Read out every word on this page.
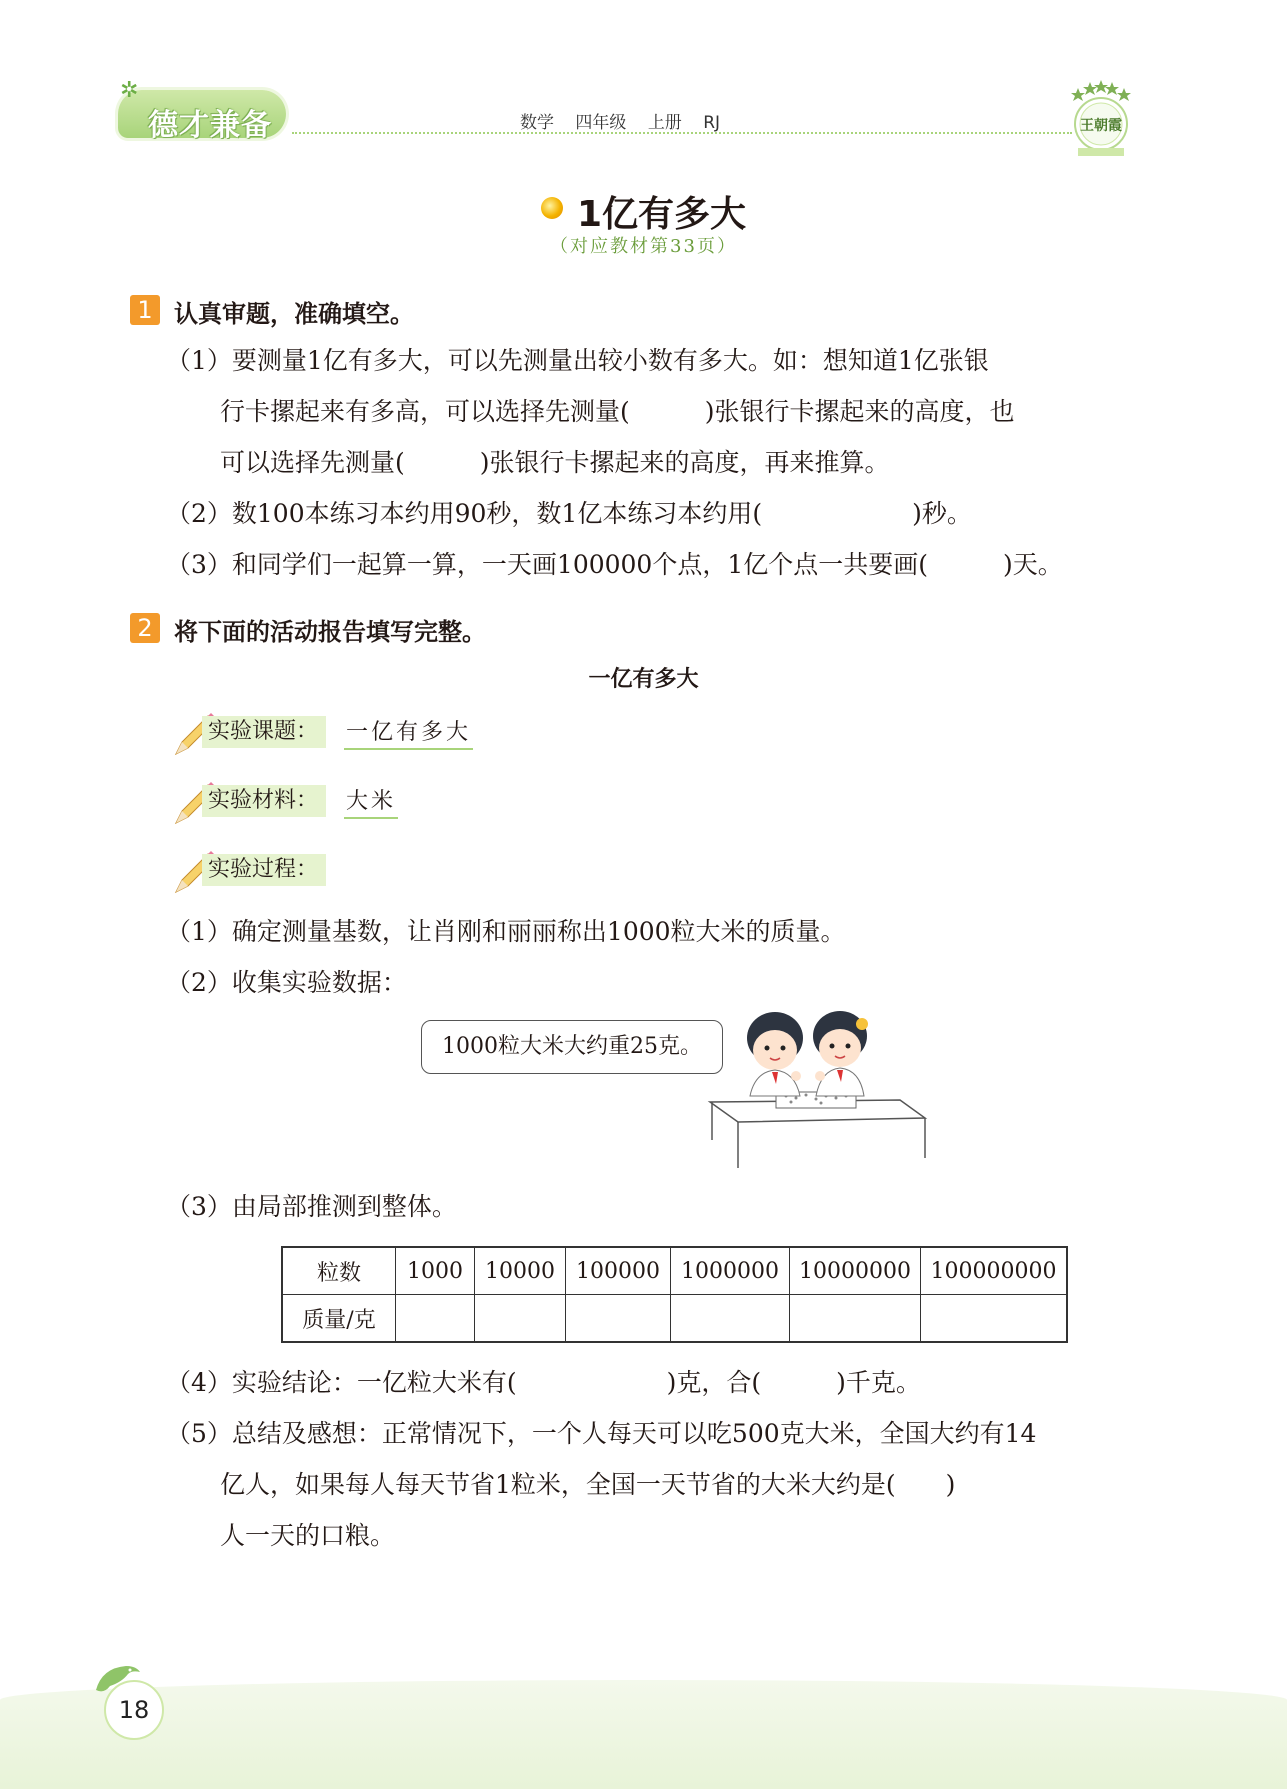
✲
德才兼备	数学 四年级 上册 RJ	王朝霞
1亿有多大
（对应教材第33页）
1 认真审题，准确填空。
（1）要测量1亿有多大，可以先测量出较小数有多大。如：想知道1亿张银
行卡摞起来有多高，可以选择先测量(　　　)张银行卡摞起来的高度，也
可以选择先测量(　　　)张银行卡摞起来的高度，再来推算。
（2）数100本练习本约用90秒，数1亿本练习本约用(　　　　　　)秒。
（3）和同学们一起算一算，一天画100000个点，1亿个点一共要画(　　　)天。
2 将下面的活动报告填写完整。
一亿有多大
实验课题：	一亿有多大
实验材料：	大米
实验过程：
（1）确定测量基数，让肖刚和丽丽称出1000粒大米的质量。
（2）收集实验数据：
1000粒大米大约重25克。
（3）由局部推测到整体。
粒数	1000	10000	100000	1000000	10000000	100000000
质量/克						
（4）实验结论：一亿粒大米有(　　　　　　)克，合(　　　)千克。
（5）总结及感想：正常情况下，一个人每天可以吃500克大米，全国大约有14
亿人，如果每人每天节省1粒米，全国一天节省的大米大约是(　　)
人一天的口粮。
18
